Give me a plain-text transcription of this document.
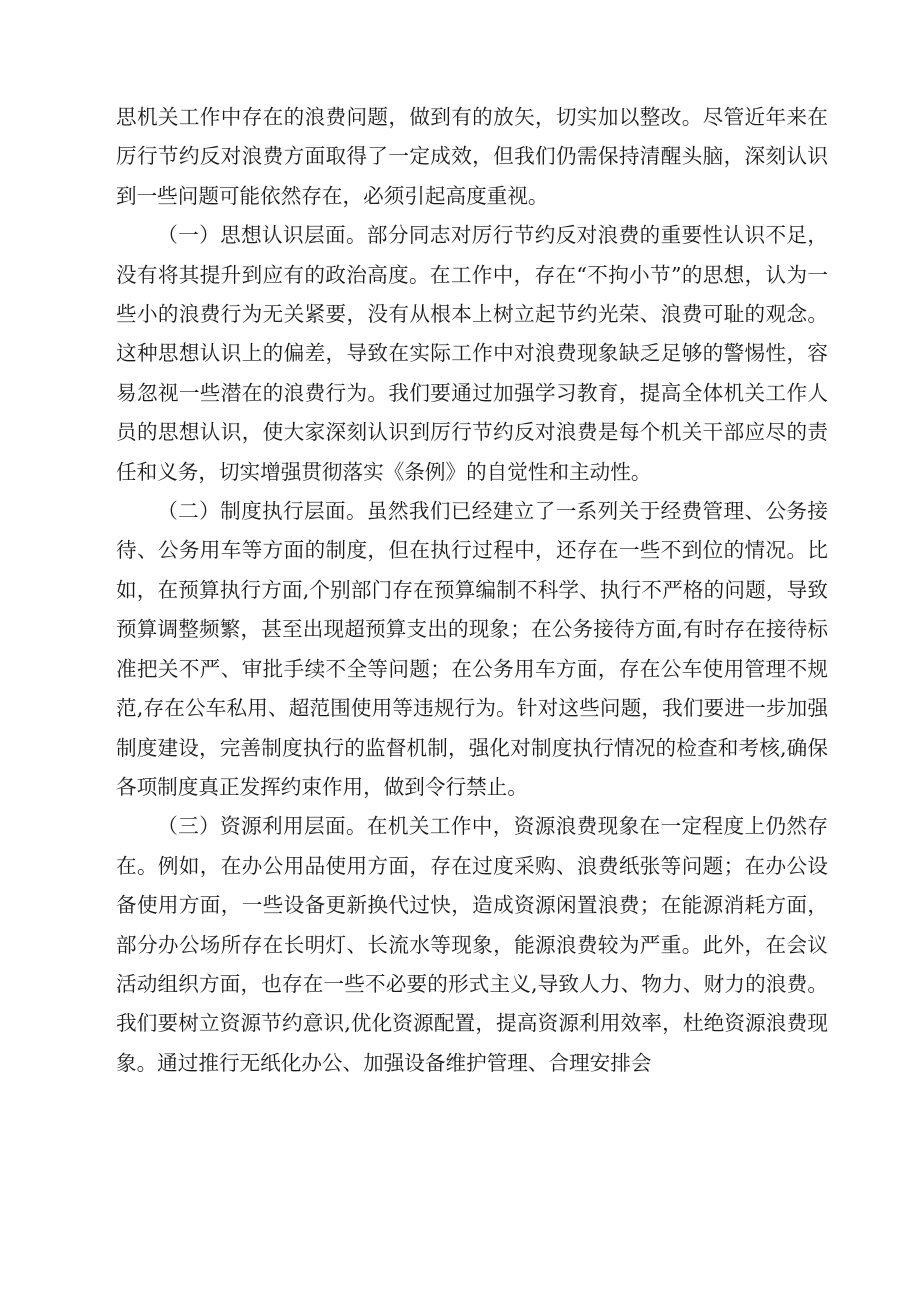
思机关工作中存在的浪费问题，做到有的放矢，切实加以整改。尽管近年来在厉行节约反对浪费方面取得了一定成效，但我们仍需保持清醒头脑，深刻认识到一些问题可能依然存在，必须引起高度重视。

（一）思想认识层面。部分同志对厉行节约反对浪费的重要性认识不足，没有将其提升到应有的政治高度。在工作中，存在“不拘小节”的思想，认为一些小的浪费行为无关紧要，没有从根本上树立起节约光荣、浪费可耻的观念。这种思想认识上的偏差，导致在实际工作中对浪费现象缺乏足够的警惕性，容易忽视一些潜在的浪费行为。我们要通过加强学习教育，提高全体机关工作人员的思想认识，使大家深刻认识到厉行节约反对浪费是每个机关干部应尽的责任和义务，切实增强贯彻落实《条例》的自觉性和主动性。

（二）制度执行层面。虽然我们已经建立了一系列关于经费管理、公务接待、公务用车等方面的制度，但在执行过程中，还存在一些不到位的情况。比如，在预算执行方面,个别部门存在预算编制不科学、执行不严格的问题，导致预算调整频繁，甚至出现超预算支出的现象；在公务接待方面,有时存在接待标准把关不严、审批手续不全等问题；在公务用车方面，存在公车使用管理不规范,存在公车私用、超范围使用等违规行为。针对这些问题，我们要进一步加强制度建设，完善制度执行的监督机制，强化对制度执行情况的检查和考核,确保各项制度真正发挥约束作用，做到令行禁止。

（三）资源利用层面。在机关工作中，资源浪费现象在一定程度上仍然存在。例如，在办公用品使用方面，存在过度采购、浪费纸张等问题；在办公设备使用方面，一些设备更新换代过快，造成资源闲置浪费；在能源消耗方面，部分办公场所存在长明灯、长流水等现象，能源浪费较为严重。此外，在会议活动组织方面，也存在一些不必要的形式主义,导致人力、物力、财力的浪费。我们要树立资源节约意识,优化资源配置，提高资源利用效率，杜绝资源浪费现象。通过推行无纸化办公、加强设备维护管理、合理安排会
